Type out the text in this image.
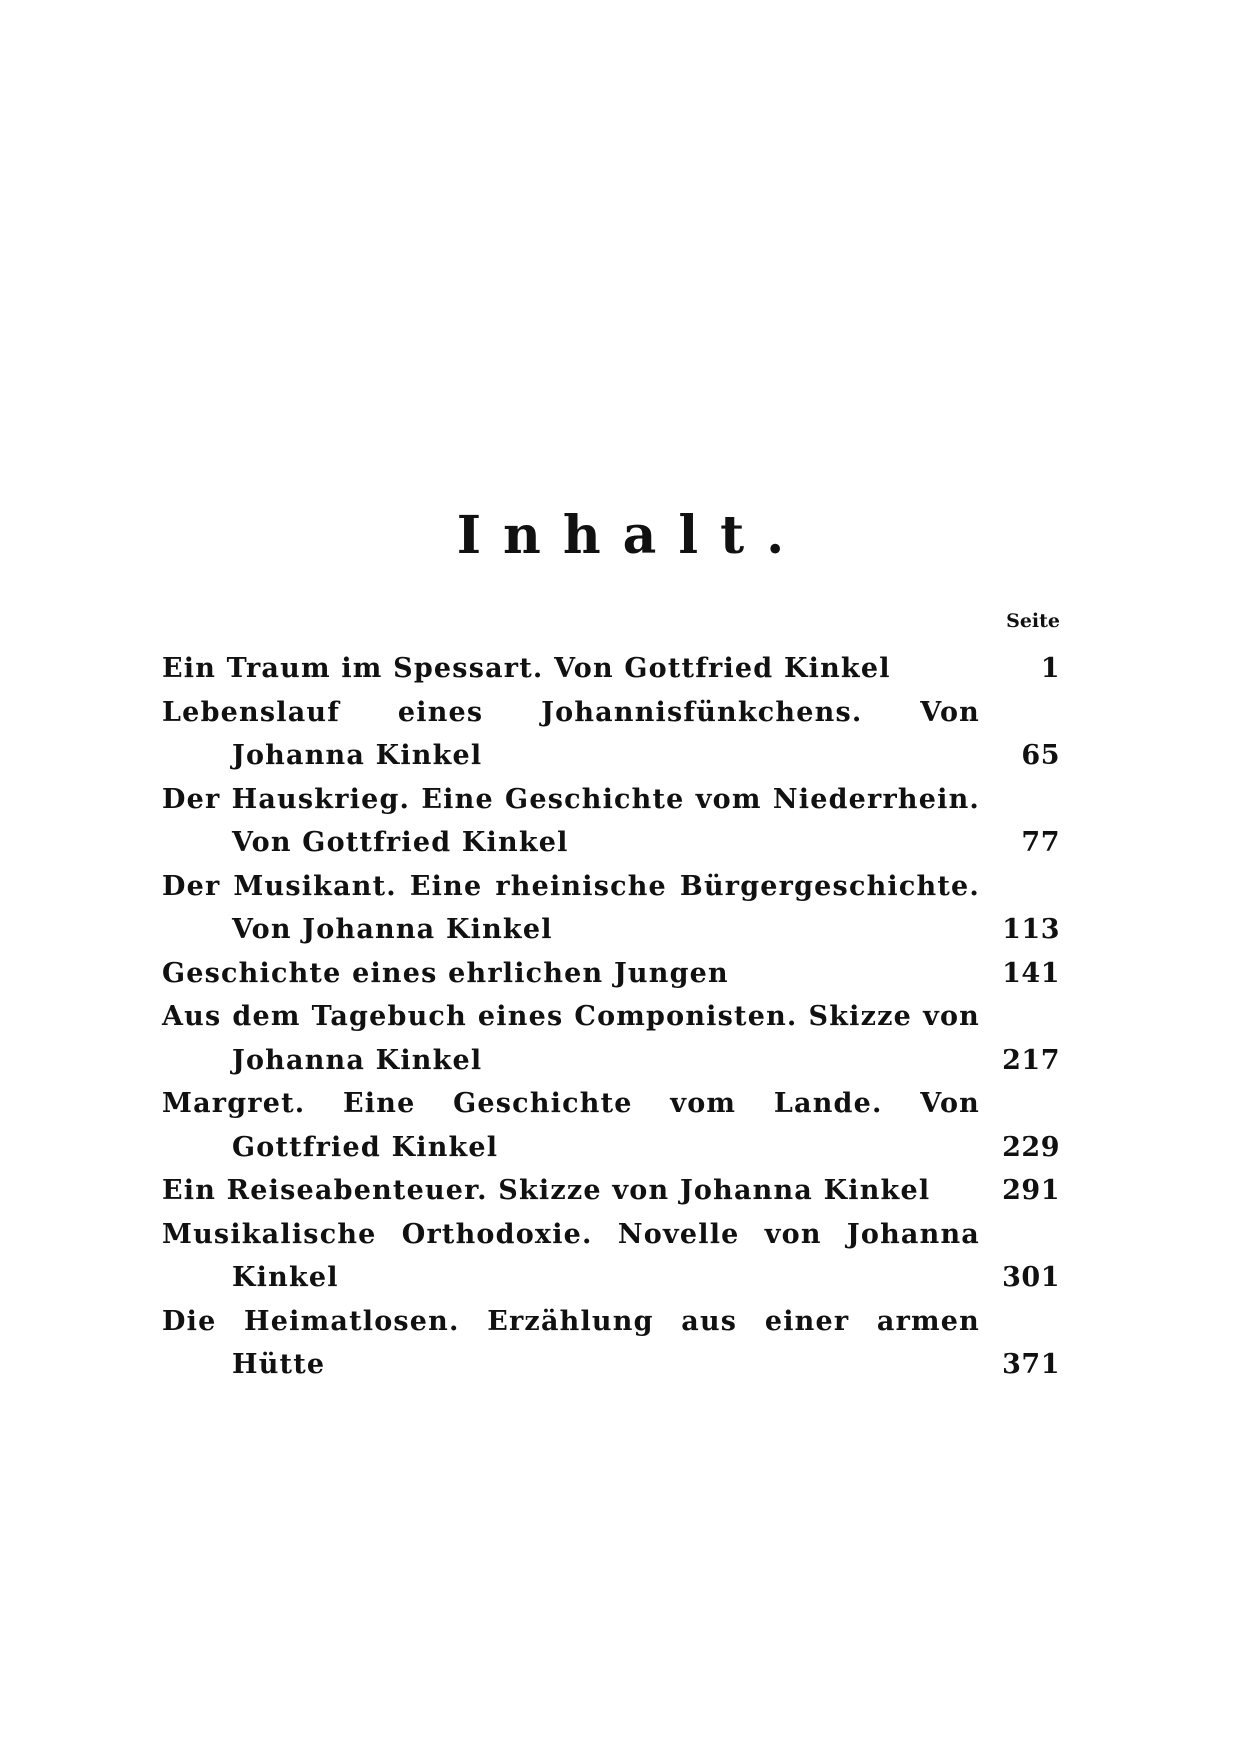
Inhalt.
Seite
Ein Traum im Spessart. Von Gottfried Kinkel	1
Lebenslauf eines Johannisfünkchens. Von Johanna Kinkel	65
Der Hauskrieg. Eine Geschichte vom Niederrhein. Von Gottfried Kinkel	77
Der Musikant. Eine rheinische Bürgergeschichte. Von Johanna Kinkel	113
Geschichte eines ehrlichen Jungen	141
Aus dem Tagebuch eines Componisten. Skizze von Johanna Kinkel	217
Margret. Eine Geschichte vom Lande. Von Gottfried Kinkel	229
Ein Reiseabenteuer. Skizze von Johanna Kinkel	291
Musikalische Orthodoxie. Novelle von Johanna Kinkel	301
Die Heimatlosen. Erzählung aus einer armen Hütte	371
